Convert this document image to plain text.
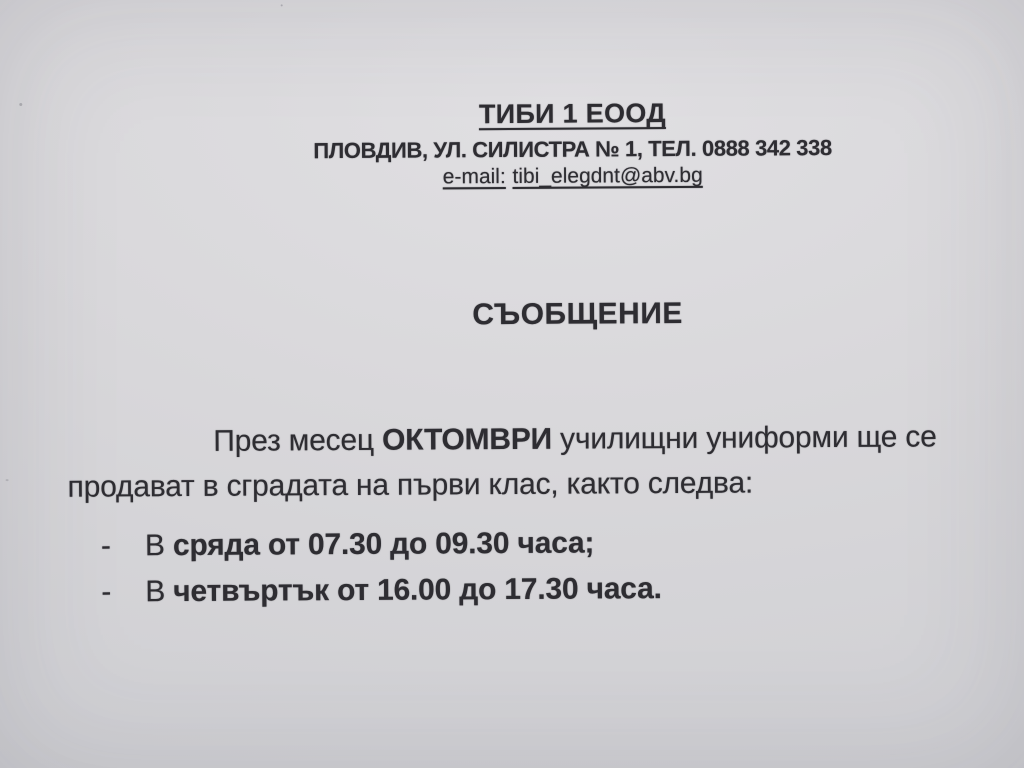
ТИБИ 1 ЕООД
ПЛОВДИВ, УЛ. СИЛИСТРА № 1, ТЕЛ. 0888 342 338
e-mail: tibi_elegdnt@abv.bg
СЪОБЩЕНИЕ

През месец ОКТОМВРИ училищни униформи ще се продават в сградата на първи клас, както следва:

- В сряда от 07.30 до 09.30 часа;
- В четвъртък от 16.00 до 17.30 часа.
